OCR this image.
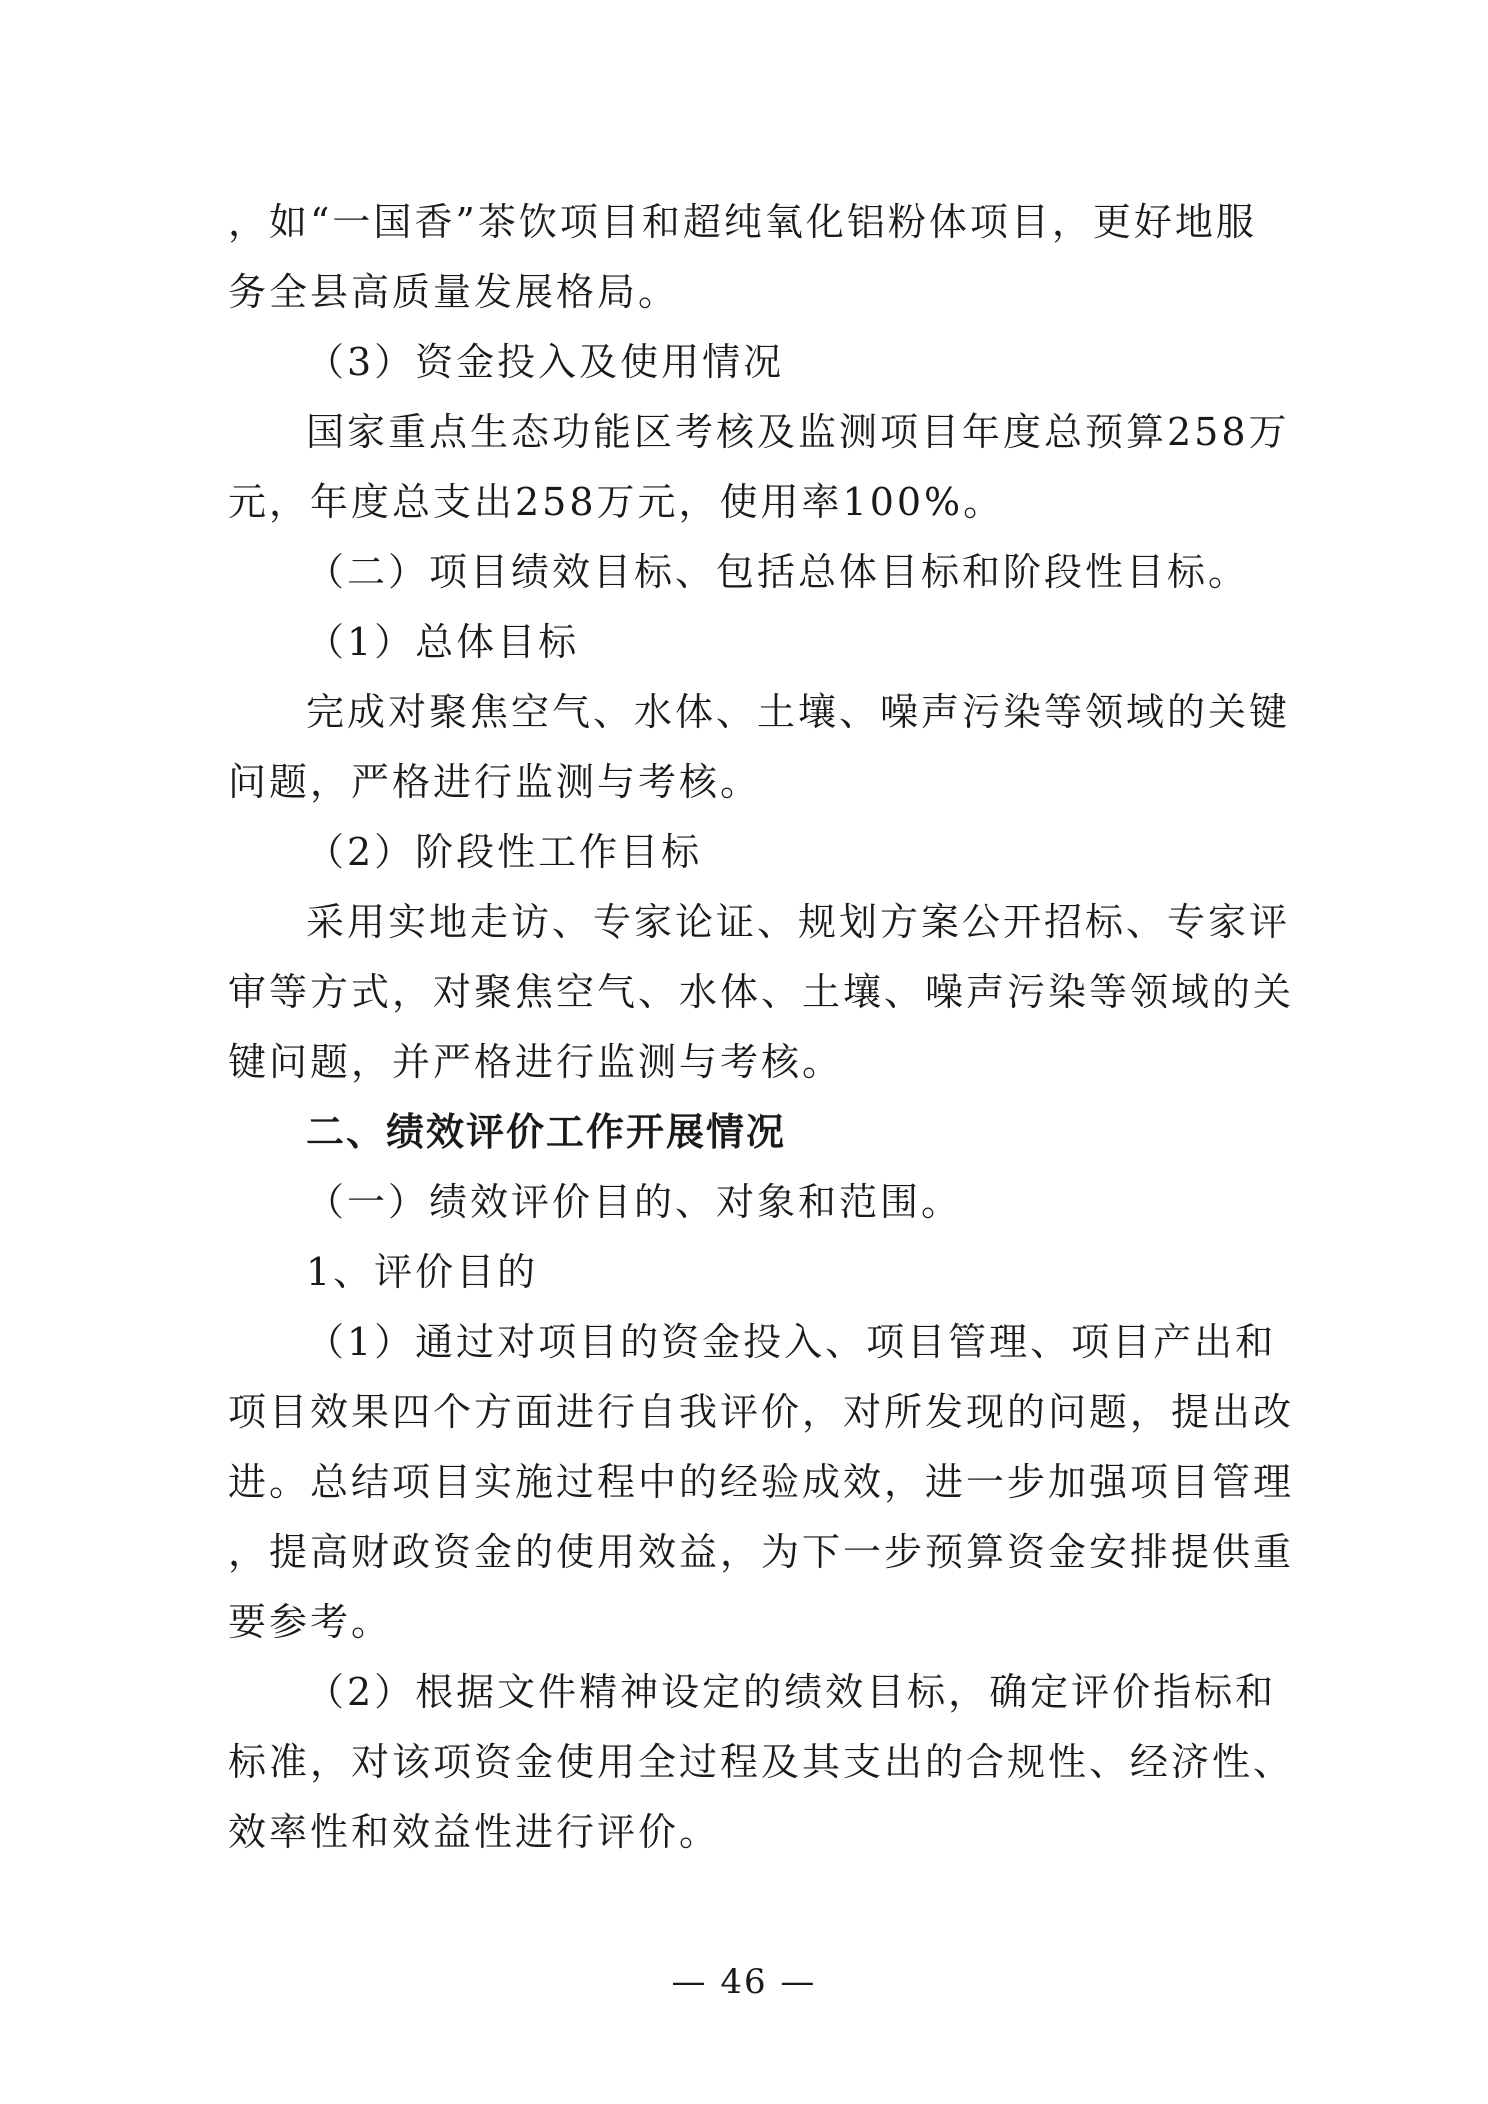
，如“一国香”茶饮项目和超纯氧化铝粉体项目，更好地服
务全县高质量发展格局。
（3）资金投入及使用情况
国家重点生态功能区考核及监测项目年度总预算258万
元，年度总支出258万元，使用率100%。
（二）项目绩效目标、包括总体目标和阶段性目标。
（1）总体目标
完成对聚焦空气、水体、土壤、噪声污染等领域的关键
问题，严格进行监测与考核。
（2）阶段性工作目标
采用实地走访、专家论证、规划方案公开招标、专家评
审等方式，对聚焦空气、水体、土壤、噪声污染等领域的关
键问题，并严格进行监测与考核。
二、绩效评价工作开展情况
（一）绩效评价目的、对象和范围。
1、评价目的
（1）通过对项目的资金投入、项目管理、项目产出和
项目效果四个方面进行自我评价，对所发现的问题，提出改
进。总结项目实施过程中的经验成效，进一步加强项目管理
，提高财政资金的使用效益，为下一步预算资金安排提供重
要参考。
（2）根据文件精神设定的绩效目标，确定评价指标和
标准，对该项资金使用全过程及其支出的合规性、经济性、
效率性和效益性进行评价。
— 46 —
